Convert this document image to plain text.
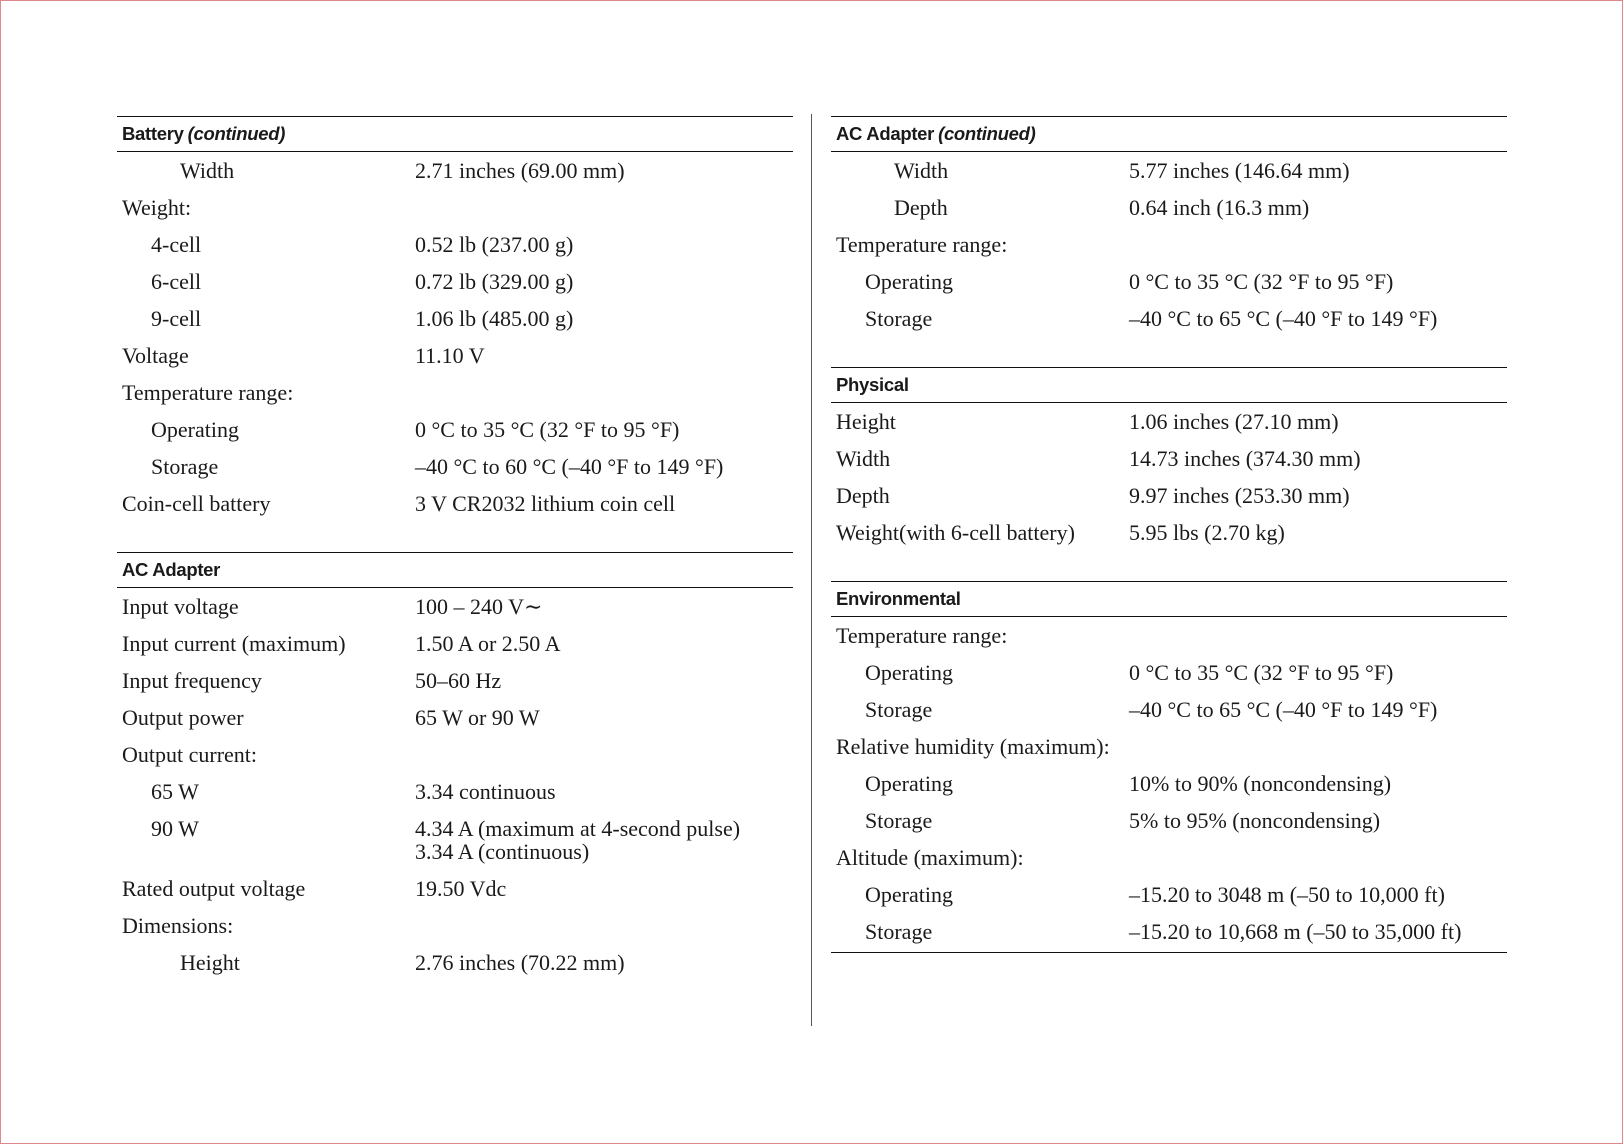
Battery (continued)
Width	2.71 inches (69.00 mm)
Weight:
4-cell	0.52 lb (237.00 g)
6-cell	0.72 lb (329.00 g)
9-cell	1.06 lb (485.00 g)
Voltage	11.10 V
Temperature range:
Operating	0 °C to 35 °C (32 °F to 95 °F)
Storage	–40 °C to 60 °C (–40 °F to 149 °F)
Coin-cell battery	3 V CR2032 lithium coin cell
AC Adapter
Input voltage	100 – 240 V∼
Input current (maximum)	1.50 A or 2.50 A
Input frequency	50–60 Hz
Output power	65 W or 90 W
Output current:
65 W	3.34 continuous
90 W	4.34 A (maximum at 4-second pulse)
3.34 A (continuous)
Rated output voltage	19.50 Vdc
Dimensions:
Height	2.76 inches (70.22 mm)
AC Adapter (continued)
Width	5.77 inches (146.64 mm)
Depth	0.64 inch (16.3 mm)
Temperature range:
Operating	0 °C to 35 °C (32 °F to 95 °F)
Storage	–40 °C to 65 °C (–40 °F to 149 °F)
Physical
Height	1.06 inches (27.10 mm)
Width	14.73 inches (374.30 mm)
Depth	9.97 inches (253.30 mm)
Weight(with 6-cell battery)	5.95 lbs (2.70 kg)
Environmental
Temperature range:
Operating	0 °C to 35 °C (32 °F to 95 °F)
Storage	–40 °C to 65 °C (–40 °F to 149 °F)
Relative humidity (maximum):
Operating	10% to 90% (noncondensing)
Storage	5% to 95% (noncondensing)
Altitude (maximum):
Operating	–15.20 to 3048 m (–50 to 10,000 ft)
Storage	–15.20 to 10,668 m (–50 to 35,000 ft)
